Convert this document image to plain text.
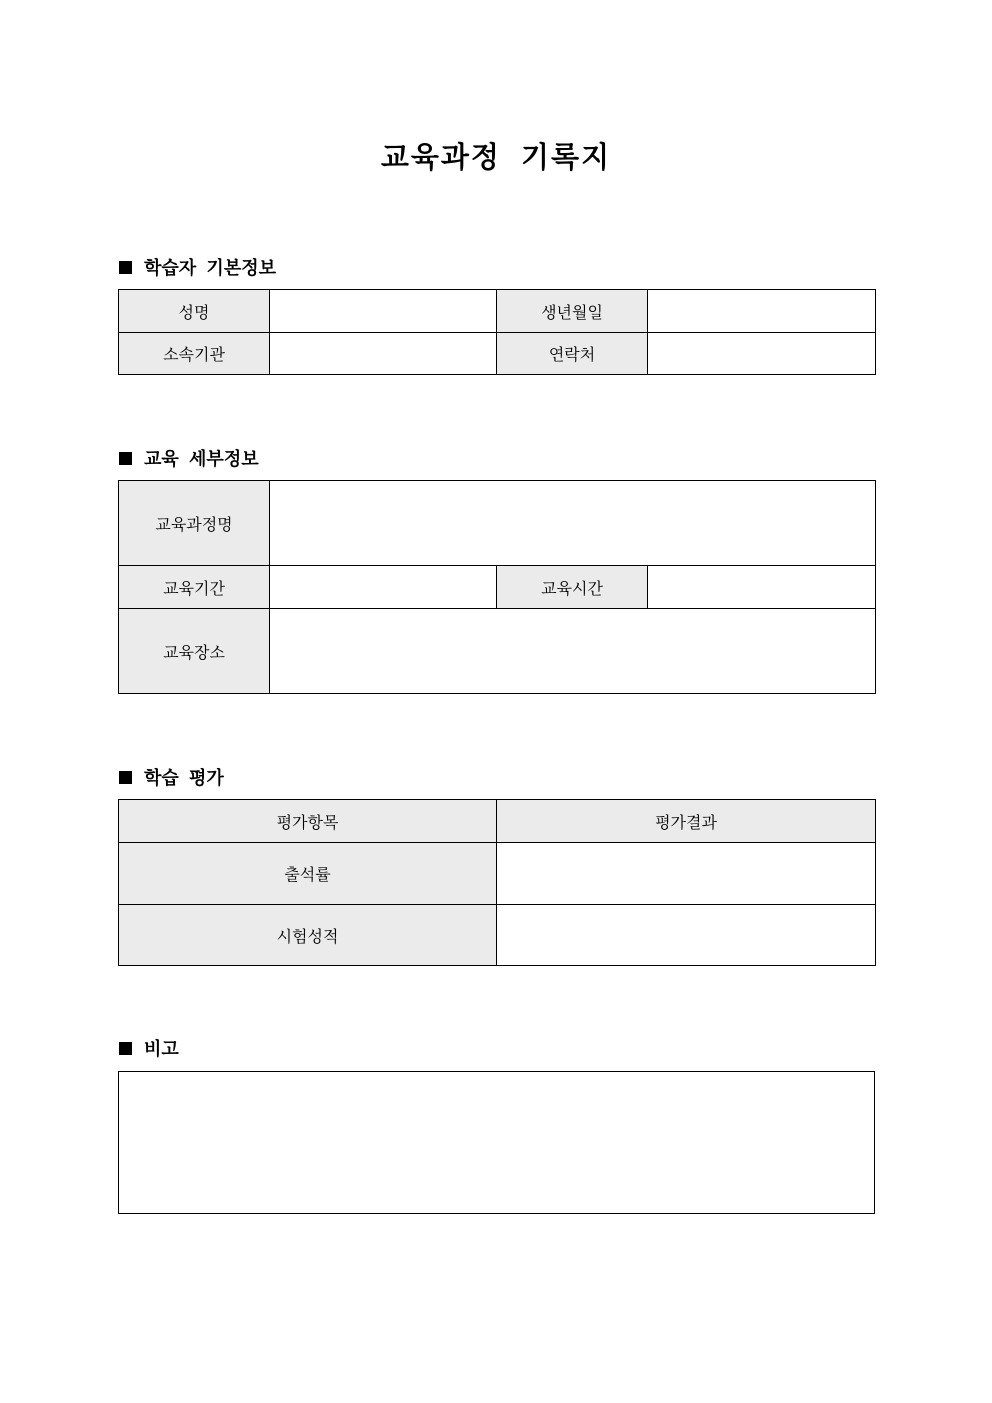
교육과정 기록지
학습자 기본정보
성명		생년월일	
소속기관		연락처	
교육 세부정보
교육과정명			
교육기간		교육시간	
교육장소			
학습 평가
평가항목	평가결과
출석률	
시험성적	
비고
